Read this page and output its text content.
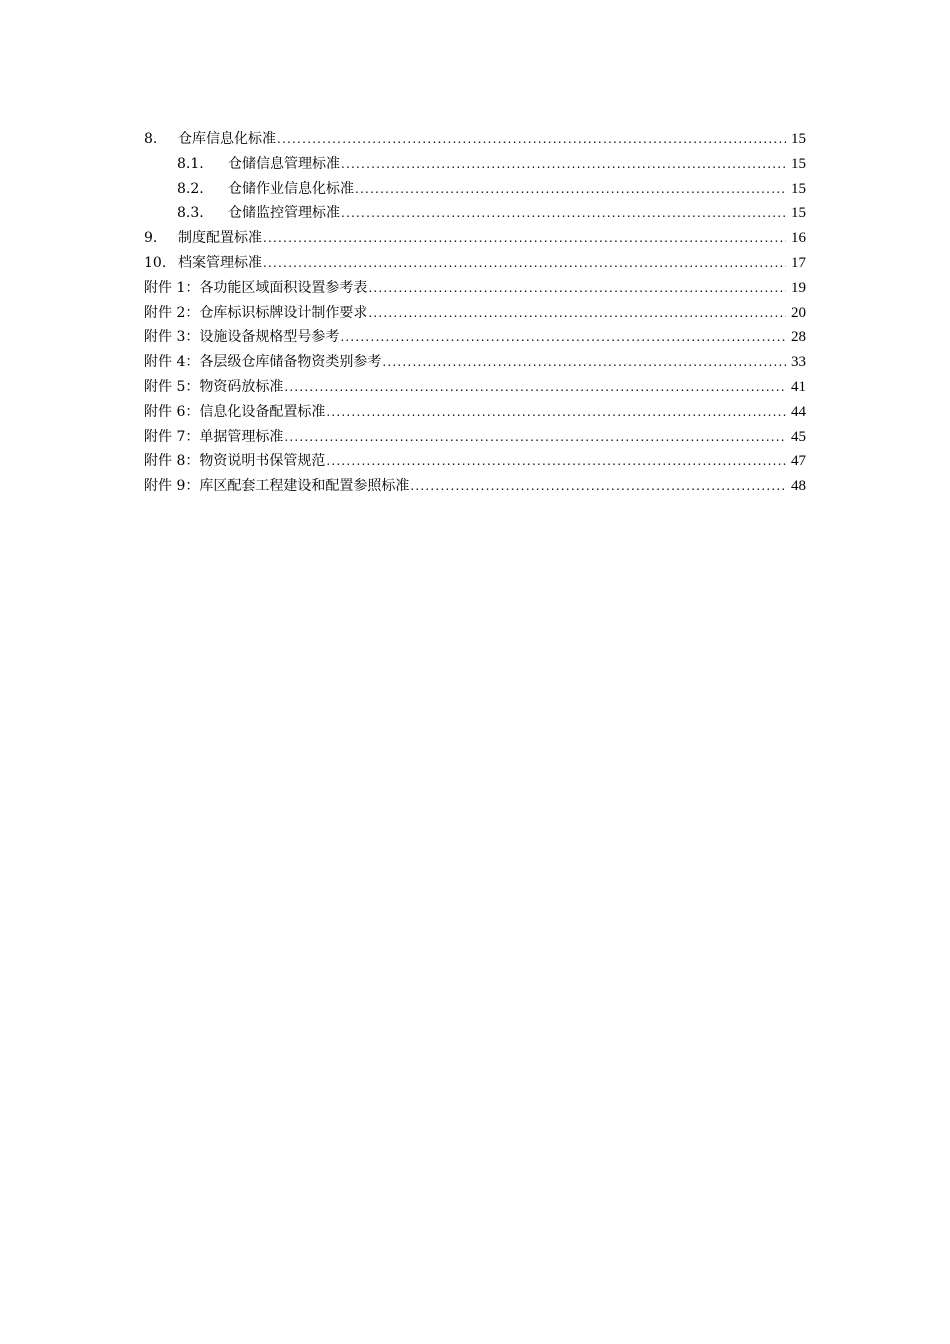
8.	仓库信息化标准 .....	15
8.1.	仓储信息管理标准 .....	15
8.2.	仓储作业信息化标准 .....	15
8.3.	仓储监控管理标准 .....	15
9.	制度配置标准 .....	16
10. 档案管理标准 .....	17
附件 1：各功能区域面积设置参考表 .....	19
附件 2：仓库标识标牌设计制作要求 .....	20
附件 3：设施设备规格型号参考 .....	28
附件 4：各层级仓库储备物资类别参考 .....	33
附件 5：物资码放标准 .....	41
附件 6：信息化设备配置标准 .....	44
附件 7：单据管理标准 .....	45
附件 8：物资说明书保管规范 .....	47
附件 9：库区配套工程建设和配置参照标准 .....	48
